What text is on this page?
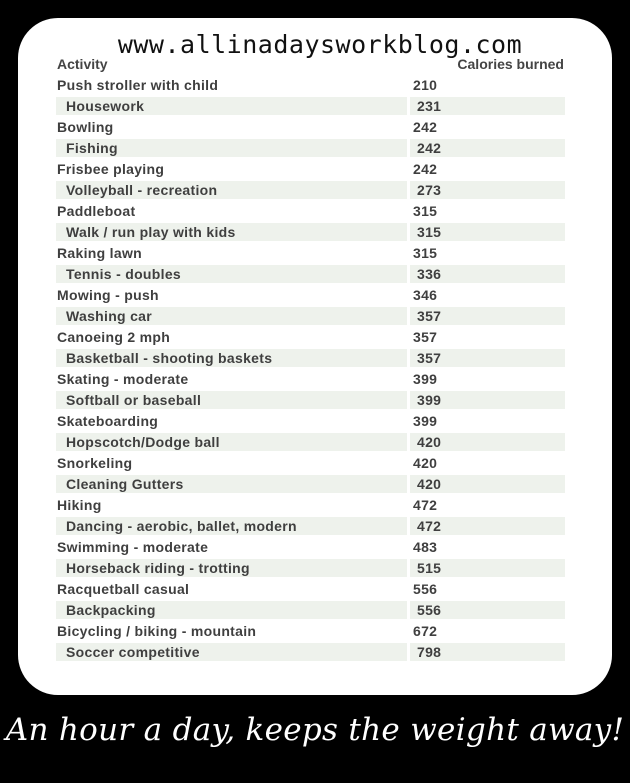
www.allinadaysworkblog.com

Activity	Calories burned
Push stroller with child	210
Housework	231
Bowling	242
Fishing	242
Frisbee playing	242
Volleyball - recreation	273
Paddleboat	315
Walk / run play with kids	315
Raking lawn	315
Tennis - doubles	336
Mowing - push	346
Washing car	357
Canoeing 2 mph	357
Basketball - shooting baskets	357
Skating - moderate	399
Softball or baseball	399
Skateboarding	399
Hopscotch/Dodge ball	420
Snorkeling	420
Cleaning Gutters	420
Hiking	472
Dancing - aerobic, ballet, modern	472
Swimming - moderate	483
Horseback riding - trotting	515
Racquetball casual	556
Backpacking	556
Bicycling / biking - mountain	672
Soccer competitive	798

An hour a day, keeps the weight away!
